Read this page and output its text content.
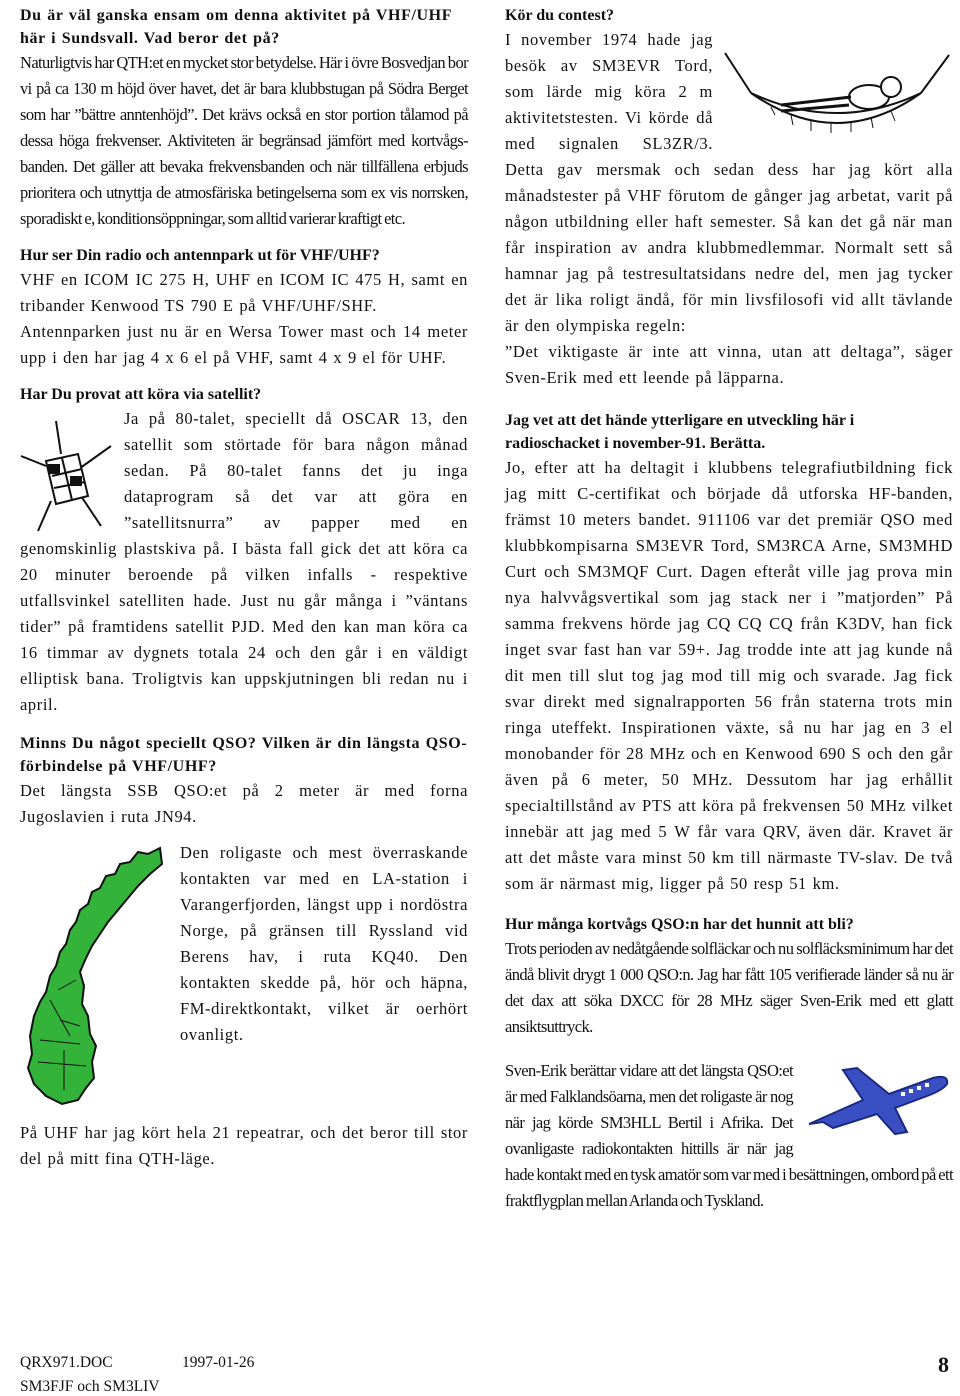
Du är väl ganska ensam om denna aktivitet på VHF/UHF här i Sundsvall. Vad beror det på?

Naturligtvis har QTH:et en mycket stor betydelse. Här i övre Bosvedjan bor vi på ca 130 m höjd över havet, det är bara klubbstugan på Södra Berget som har ”bättre anntenhöjd”. Det krävs också en stor portion tålamod på dessa höga frekvenser. Aktiviteten är begränsad jämfört med kortvågs-banden. Det gäller att bevaka frekvensbanden och när tillfällena erbjuds prioritera och utnyttja de atmosfäriska betingelserna som ex vis norrsken, sporadiskt e, konditionsöppningar, som alltid varierar kraftigt etc.

Hur ser Din radio och antennpark ut för VHF/UHF?

VHF en ICOM IC 275 H, UHF en ICOM IC 475 H, samt en tribander Kenwood TS 790 E på VHF/UHF/SHF.

Antennparken just nu är en Wersa Tower mast och 14 meter upp i den har jag 4 x 6 el på VHF, samt 4 x 9 el för UHF.

Har Du provat att köra via satellit?

Ja på 80-talet, speciellt då OSCAR 13, den satellit som störtade för bara någon månad sedan. På 80-talet fanns det ju inga dataprogram så det var att göra en ”satellitsnurra” av papper med en genomskinlig plastskiva på. I bästa fall gick det att köra ca 20 minuter beroende på vilken infalls - respektive utfallsvinkel satelliten hade. Just nu går många i ”väntans tider” på framtidens satellit PJD. Med den kan man köra ca 16 timmar av dygnets totala 24 och den går i en väldigt elliptisk bana. Troligtvis kan uppskjutningen bli redan nu i april.

Minns Du något speciellt QSO? Vilken är din längsta QSO-förbindelse på VHF/UHF?

Det längsta SSB QSO:et på 2 meter är med forna Jugoslavien i ruta JN94.

Den roligaste och mest överraskande kontakten var med en LA-station i Varangerfjorden, längst upp i nordöstra Norge, på gränsen till Ryssland vid Berens hav, i ruta KQ40. Den kontakten skedde på, hör och häpna, FM-direktkontakt, vilket är oerhört ovanligt.

På UHF har jag kört hela 21 repeatrar, och det beror till stor del på mitt fina QTH-läge.

Kör du contest?

I november 1974 hade jag besök av SM3EVR Tord, som lärde mig köra 2 m aktivitetstesten. Vi körde då med signalen SL3ZR/3. Detta gav mersmak och sedan dess har jag kört alla månadstester på VHF förutom de gånger jag arbetat, varit på någon utbildning eller haft semester. Så kan det gå när man får inspiration av andra klubbmedlemmar. Normalt sett så hamnar jag på testresultatsidans nedre del, men jag tycker det är lika roligt ändå, för min livsfilosofi vid allt tävlande är den olympiska regeln:

”Det viktigaste är inte att vinna, utan att deltaga”, säger Sven-Erik med ett leende på läpparna.

Jag vet att det hände ytterligare en utveckling här i radioschacket i november-91. Berätta.

Jo, efter att ha deltagit i klubbens telegrafiutbildning fick jag mitt C-certifikat och började då utforska HF-banden, främst 10 meters bandet. 911106 var det premiär QSO med klubbkompisarna SM3EVR Tord, SM3RCA Arne, SM3MHD Curt och SM3MQF Curt. Dagen efteråt ville jag prova min nya halvvågsvertikal som jag stack ner i ”matjorden” På samma frekvens hörde jag CQ CQ CQ från K3DV, han fick inget svar fast han var 59+. Jag trodde inte att jag kunde nå dit men till slut tog jag mod till mig och svarade. Jag fick svar direkt med signalrapporten 56 från staterna trots min ringa uteffekt. Inspirationen växte, så nu har jag en 3 el monobander för 28 MHz och en Kenwood 690 S och den går även på 6 meter, 50 MHz. Dessutom har jag erhållit specialtillstånd av PTS att köra på frekvensen 50 MHz vilket innebär att jag med 5 W får vara QRV, även där. Kravet är att det måste vara minst 50 km till närmaste TV-slav. De två som är närmast mig, ligger på 50 resp 51 km.

Hur många kortvågs QSO:n har det hunnit att bli?

Trots perioden av nedåtgående solfläckar och nu solfläcksminimum har det ändå blivit drygt 1 000 QSO:n. Jag har fått 105 verifierade länder så nu är det dax att söka DXCC för 28 MHz säger Sven-Erik med ett glatt ansiktsuttryck.

Sven-Erik berättar vidare att det längsta QSO:et är med Falklandsöarna, men det roligaste är nog när jag körde SM3HLL Bertil i Afrika. Det ovanligaste radiokontakten hittills är när jag hade kontakt med en tysk amatör som var med i besättningen, ombord på ett fraktflygplan mellan Arlanda och Tyskland.
QRX971.DOC	1997-01-26
SM3FJF och SM3LIV
8
